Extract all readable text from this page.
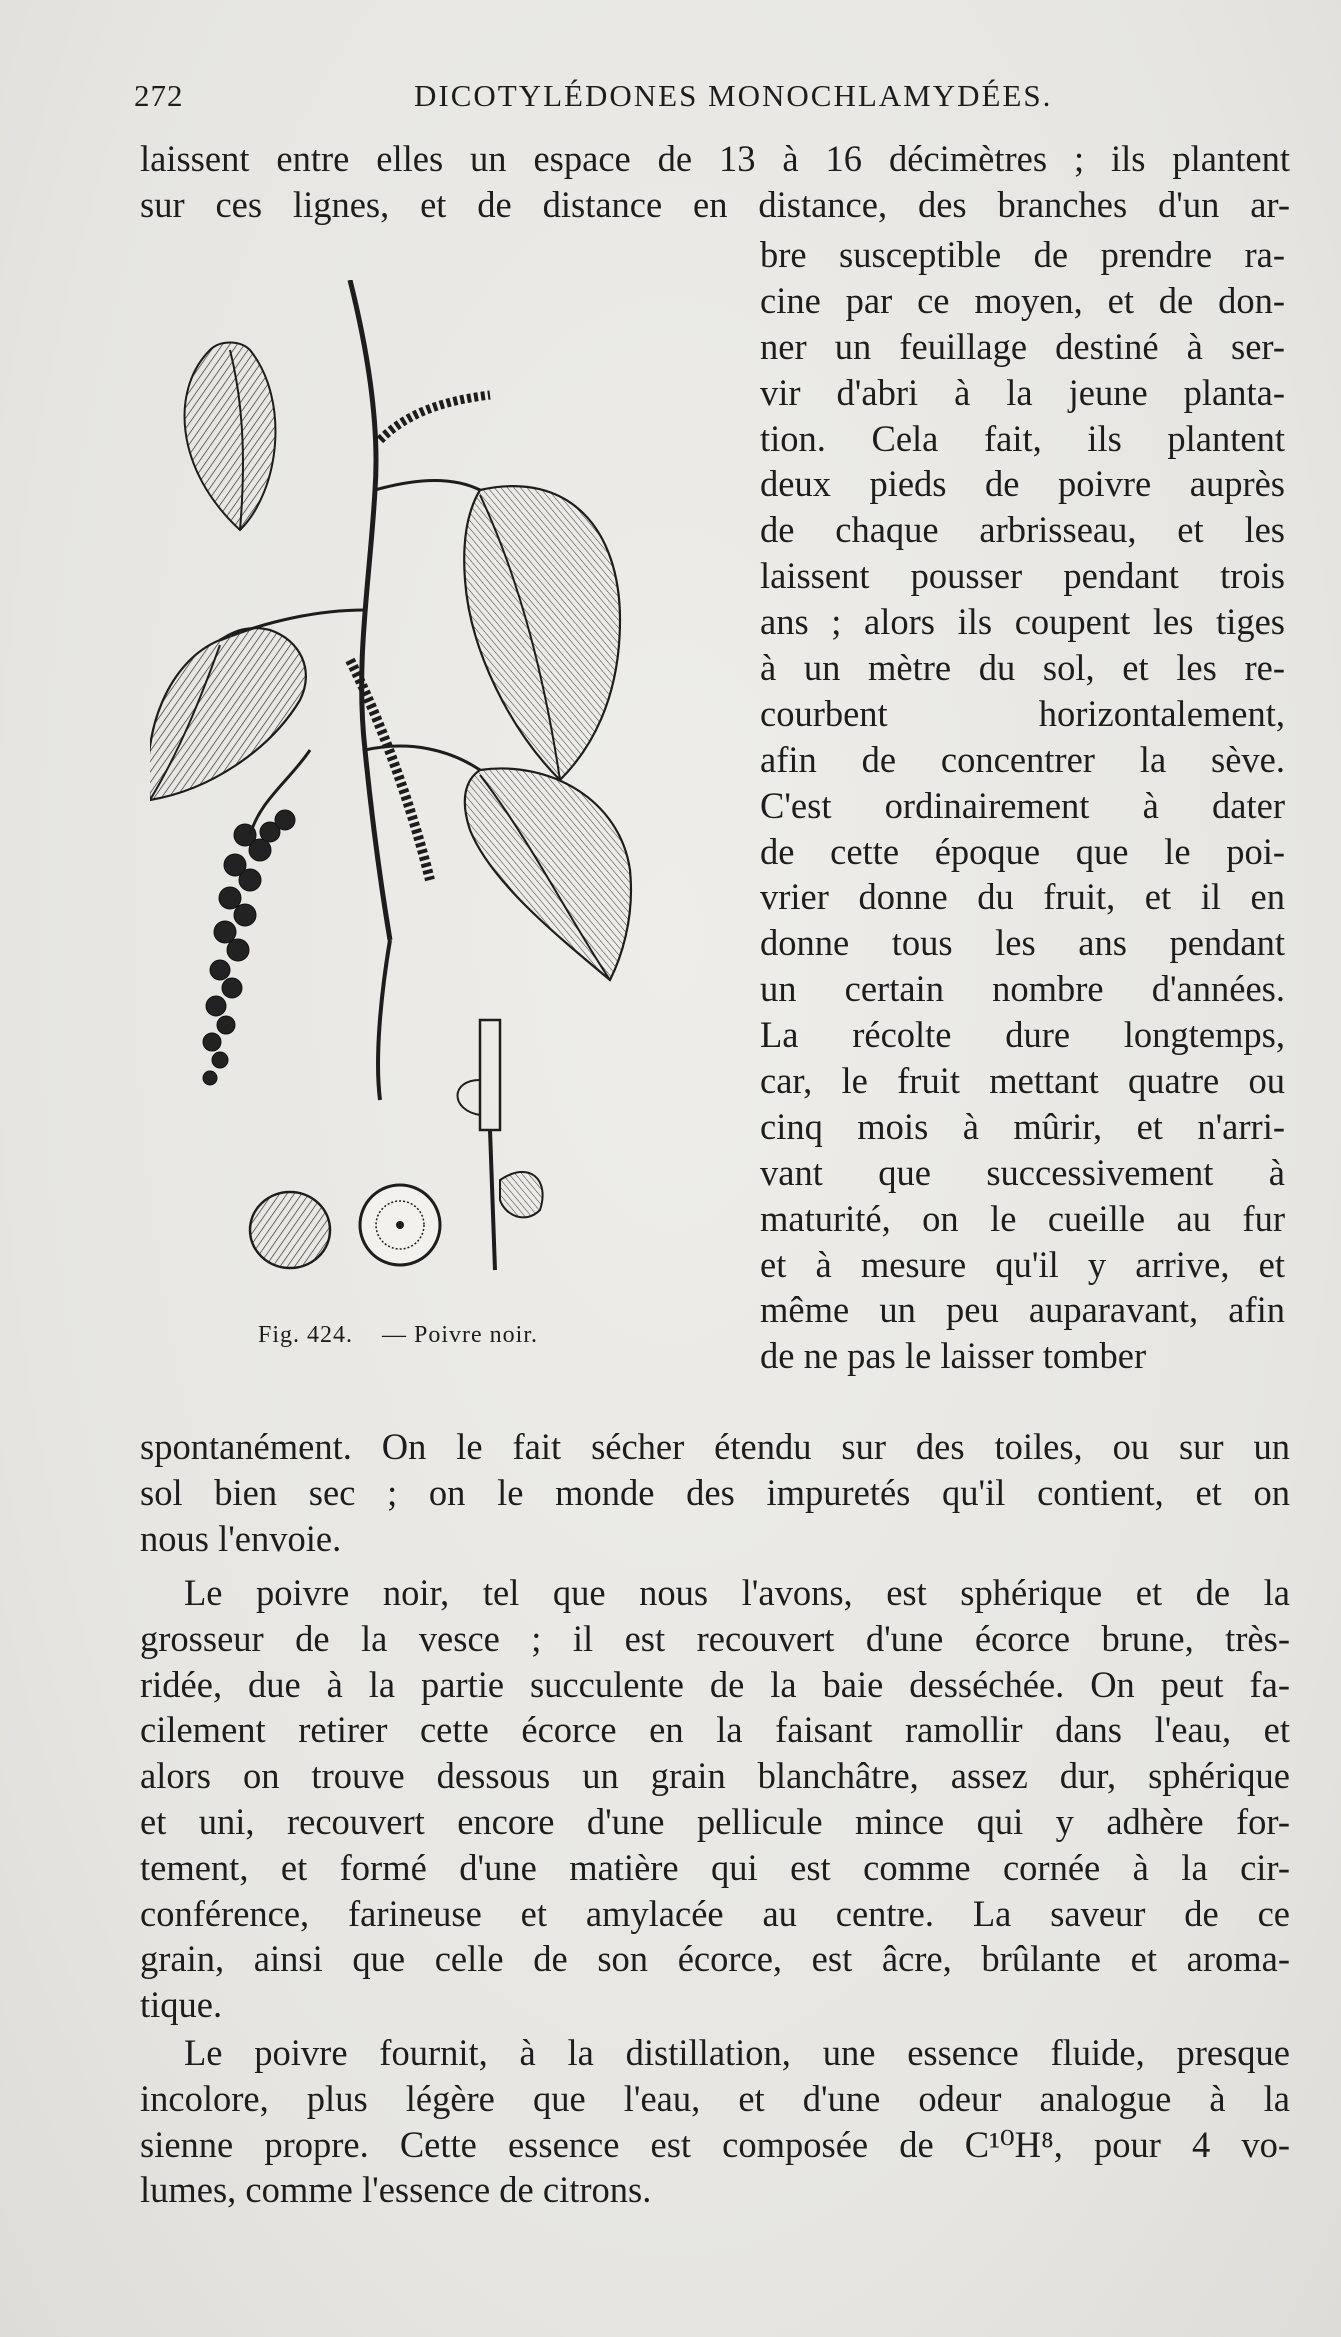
272	DICOTYLÉDONES MONOCHLAMYDÉES.
laissent entre elles un espace de 13 à 16 décimètres ; ils plantent
sur ces lignes, et de distance en distance, des branches d'un ar-
bre susceptible de prendre ra-
cine par ce moyen, et de don-
ner un feuillage destiné à ser-
vir d'abri à la jeune planta-
tion. Cela fait, ils plantent
deux pieds de poivre auprès
de chaque arbrisseau, et les
laissent pousser pendant trois
ans ; alors ils coupent les tiges
à un mètre du sol, et les re-
courbent horizontalement,
afin de concentrer la sève.
C'est ordinairement à dater
de cette époque que le poi-
vrier donne du fruit, et il en
donne tous les ans pendant
un certain nombre d'années.
La récolte dure longtemps,
car, le fruit mettant quatre ou
cinq mois à mûrir, et n'arri-
vant que successivement à
maturité, on le cueille au fur
et à mesure qu'il y arrive, et
même un peu auparavant, afin
de ne pas le laisser tomber
Fig. 424. — Poivre noir.
spontanément. On le fait sécher étendu sur des toiles, ou sur un
sol bien sec ; on le monde des impuretés qu'il contient, et on
nous l'envoie.
Le poivre noir, tel que nous l'avons, est sphérique et de la
grosseur de la vesce ; il est recouvert d'une écorce brune, très-
ridée, due à la partie succulente de la baie desséchée. On peut fa-
cilement retirer cette écorce en la faisant ramollir dans l'eau, et
alors on trouve dessous un grain blanchâtre, assez dur, sphérique
et uni, recouvert encore d'une pellicule mince qui y adhère for-
tement, et formé d'une matière qui est comme cornée à la cir-
conférence, farineuse et amylacée au centre. La saveur de ce
grain, ainsi que celle de son écorce, est âcre, brûlante et aroma-
tique.
Le poivre fournit, à la distillation, une essence fluide, presque
incolore, plus légère que l'eau, et d'une odeur analogue à la
sienne propre. Cette essence est composée de C¹⁰H⁸, pour 4 vo-
lumes, comme l'essence de citrons.
